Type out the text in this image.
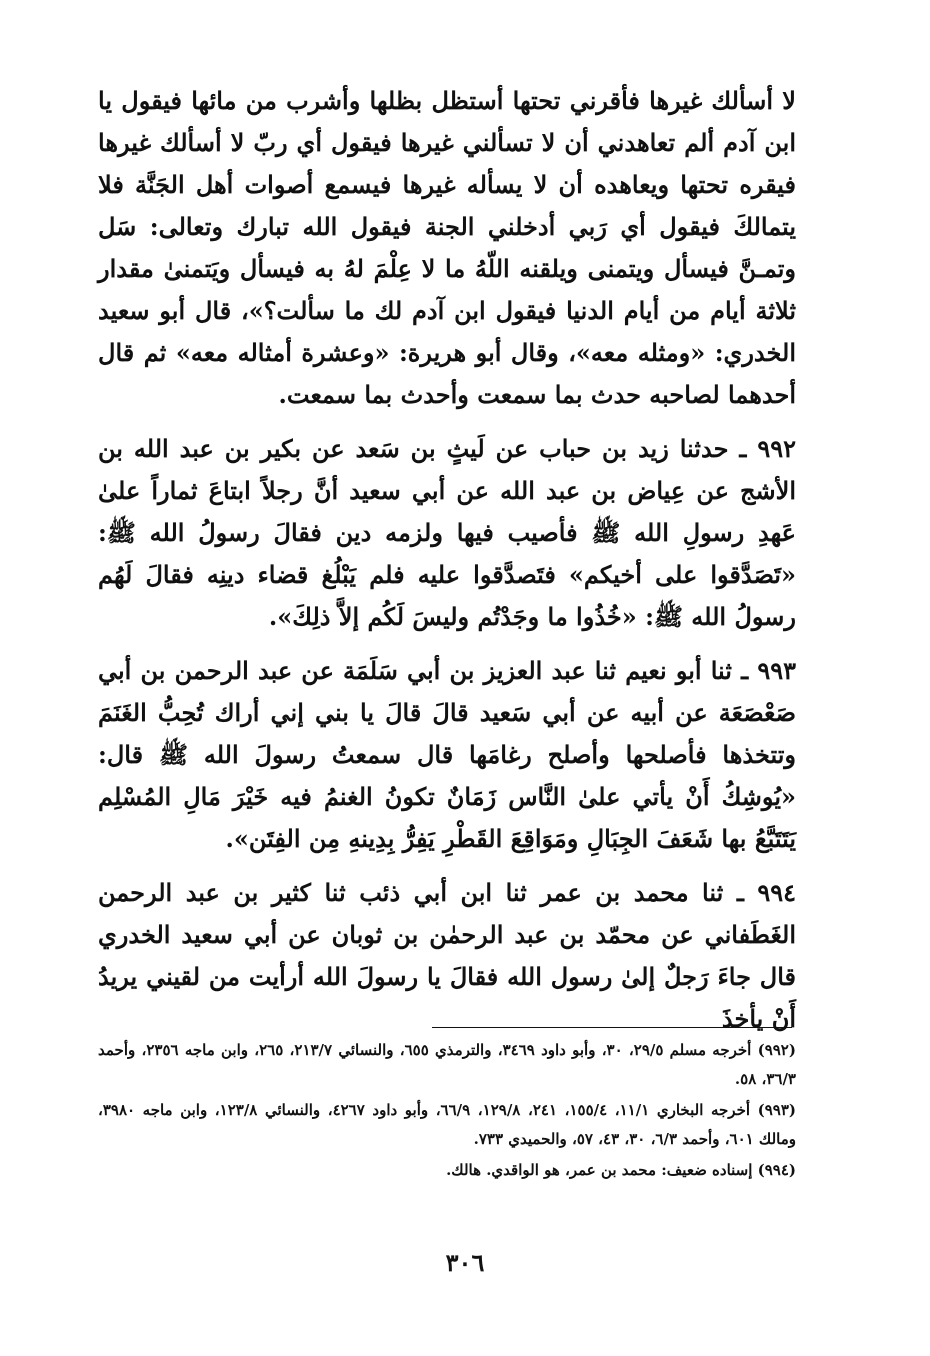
لا أسألك غيرها فأقرني تحتها أستظل بظلها وأشرب من مائها فيقول يا ابن آدم ألم تعاهدني أن لا تسألني غيرها فيقول أي ربّ لا أسألك غيرها فيقره تحتها ويعاهده أن لا يسأله غيرها فيسمع أصوات أهل الجَنَّة فلا يتمالكَ فيقول أي رَبي أدخلني الجنة فيقول الله تبارك وتعالى: سَل وتمـنَّ فيسأل ويتمنى ويلقنه اللّهُ ما لا عِلْمَ لهُ به فيسأل ويَتمنىٰ مقدار ثلاثة أيام من أيام الدنيا فيقول ابن آدم لك ما سألت؟»، قال أبو سعيد الخدري: «ومثله معه»، وقال أبو هريرة: «وعشرة أمثاله معه» ثم قال أحدهما لصاحبه حدث بما سمعت وأحدث بما سمعت.

٩٩٢ ـ حدثنا زيد بن حباب عن لَيثٍ بن سَعد عن بكير بن عبد الله بن الأشج عن عِياض بن عبد الله عن أبي سعيد أنَّ رجلاً ابتاعَ ثماراً علىٰ عَهدِ رسولِ الله ﷺ فأصيب فيها ولزمه دين فقالَ رسولُ الله ﷺ: «تَصَدَّقوا على أخيكم» فتَصدَّقوا عليه فلم يَبْلُغ قضاء دينِه فقالَ لَهُم رسولُ الله ﷺ: «خُذُوا ما وجَدْتُم وليسَ لَكُم إلاَّ ذلِكَ».

٩٩٣ ـ ثنا أبو نعيم ثنا عبد العزيز بن أبي سَلَمَة عن عبد الرحمن بن أبي صَعْصَعَة عن أبيه عن أبي سَعيد قالَ قالَ يا بني إني أراك تُحِبُّ الغَنَمَ وتتخذها فأصلحها وأصلح رغامَها قال سمعتُ رسولَ الله ﷺ قال: «يُوشِكُ أَنْ يأتي علىٰ النَّاس زَمَانٌ تكونُ الغنمُ فيه خَيْرَ مَالِ المُسْلِم يَتَتَبَّعُ بها شَعَفَ الجِبَالِ ومَوَاقِعَ القَطْرِ يَفِرُّ بِدِينهِ مِن الفِتَن».

٩٩٤ ـ ثنا محمد بن عمر ثنا ابن أبي ذئب ثنا كثير بن عبد الرحمن الغَطَفاني عن محمّد بن عبد الرحمٰن بن ثوبان عن أبي سعيد الخدري قال جاءَ رَجلٌ إلىٰ رسول الله فقالَ يا رسولَ الله أرأيت من لقيني يريدُ أَنْ يأخذَ

(٩٩٢) أخرجه مسلم ٢٩/٥، ٣٠، وأبو داود ٣٤٦٩، والترمذي ٦٥٥، والنسائي ٢١٣/٧، ٢٦٥، وابن ماجه ٢٣٥٦، وأحمد ٣٦/٣، ٥٨.

(٩٩٣) أخرجه البخاري ١١/١، ١٥٥/٤، ٢٤١، ١٢٩/٨، ٦٦/٩، وأبو داود ٤٢٦٧، والنسائي ١٢٣/٨، وابن ماجه ٣٩٨٠، ومالك ٦٠١، وأحمد ٦/٣، ٣٠، ٤٣، ٥٧، والحميدي ٧٣٣.

(٩٩٤) إسناده ضعيف: محمد بن عمر، هو الواقدي. هالك.

٣٠٦
